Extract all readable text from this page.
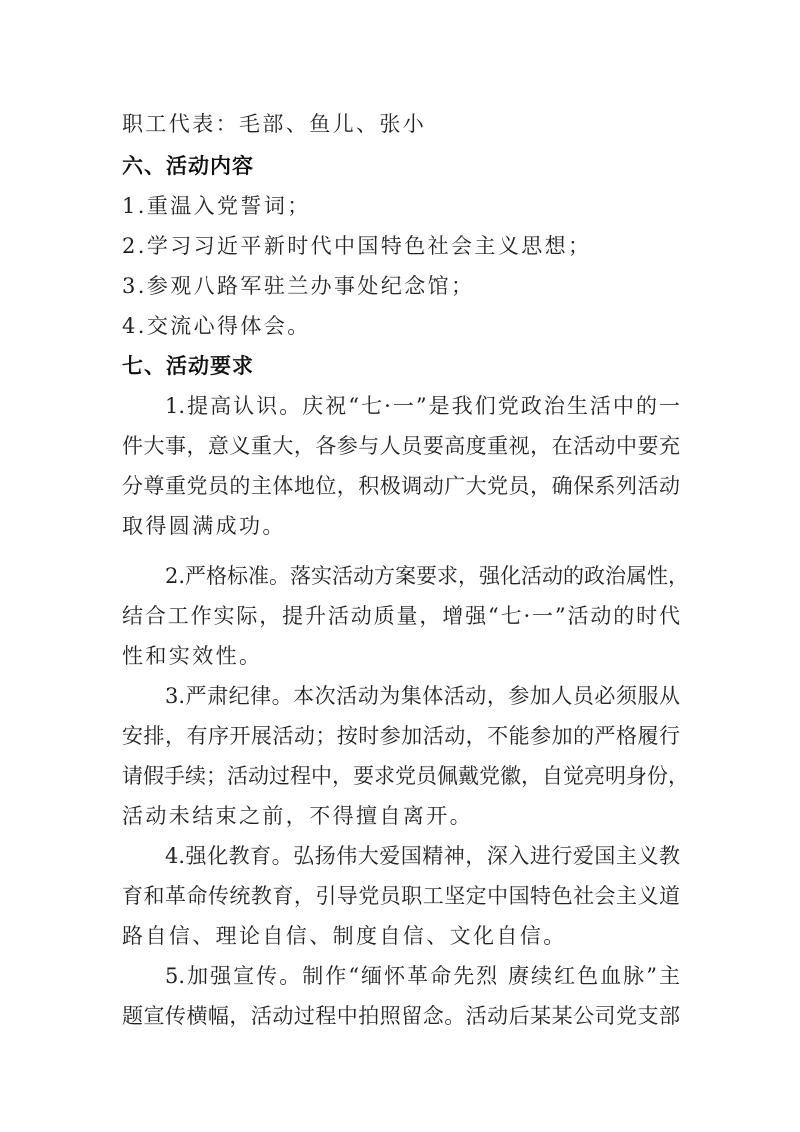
职工代表：毛部、鱼儿、张小
六、活动内容
1.重温入党誓词；
2.学习习近平新时代中国特色社会主义思想；
3.参观八路军驻兰办事处纪念馆；
4.交流心得体会。
七、活动要求
1.提高认识。庆祝“七·一”是我们党政治生活中的一
件大事，意义重大，各参与人员要高度重视，在活动中要充
分尊重党员的主体地位，积极调动广大党员，确保系列活动
取得圆满成功。
2.严格标准。落实活动方案要求，强化活动的政治属性，
结合工作实际，提升活动质量，增强“七·一”活动的时代
性和实效性。
3.严肃纪律。本次活动为集体活动，参加人员必须服从
安排，有序开展活动；按时参加活动，不能参加的严格履行
请假手续；活动过程中，要求党员佩戴党徽，自觉亮明身份，
活动未结束之前，不得擅自离开。
4.强化教育。弘扬伟大爱国精神，深入进行爱国主义教
育和革命传统教育，引导党员职工坚定中国特色社会主义道
路自信、理论自信、制度自信、文化自信。
5.加强宣传。制作“缅怀革命先烈 赓续红色血脉”主
题宣传横幅，活动过程中拍照留念。活动后某某公司党支部
